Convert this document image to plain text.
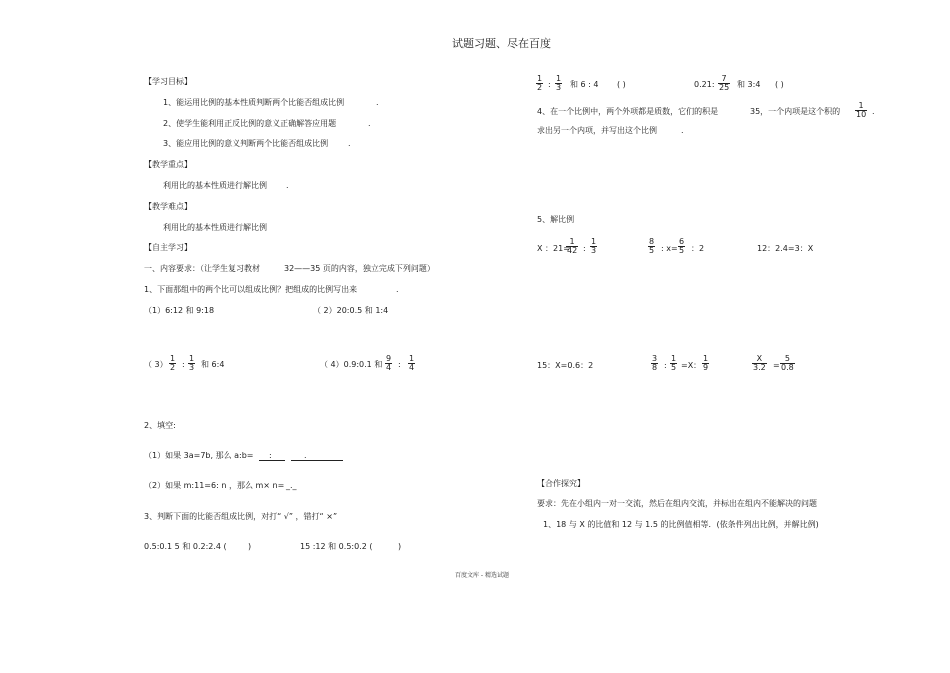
试题习题、尽在百度
【学习目标】
1、能运用比例的基本性质判断两个比能否组成比例	.
2、使学生能利用正反比例的意义正确解答应用题	.
3、能应用比例的意义判断两个比能否组成比例 .
【教学重点】
利用比的基本性质进行解比例 .
【教学难点】
利用比的基本性质进行解比例
【自主学习】
一、内容要求：（让学生复习教材	32——35 页的内容，独立完成下列问题）
1、下面那组中的两个比可以组成比例？把组成的比例写出来	.
（1）6:12 和 9:18	（ 2）20:0.5 和 1:4
（ $3) \frac{1}{2}$ : $\frac{1}{3}$ 和 6:4	（ 4）0.9:0.1 和 $\frac{9}{4}$ : $\frac{1}{4}$
2、填空:
（1）如果 3a=7b, 那么 a:b= :	.
（2）如果 m:11=6: n ，那么 m× n= _._
3、判断下面的比能否组成比例，对打“ √” ，错打“ ×”
0.5:0.1 5 和 0.2:2.4 (	)	15 :12 和 0.5:0.2 (	)
$\frac{1}{2}$ : $\frac{1}{3}$ 和 6 : 4 ( )	0.21: $\frac{7}{25}$ 和 3:4 ( )
4、在一个比例中，两个外项都是质数，它们的积是	35，一个内项是这个积的 $\frac{1}{10}$ .
求出另一个内项，并写出这个比例	.
5、解比例
X ：21=
$\frac{1}{42}$ : $\frac{1}{3}$	$\frac{8}{5}$ : $x= \frac{6}{5}$ ：2	12：2.4=3：X
15：X=0.6：2	$\frac{3}{8}$ : $\frac{1}{5} =X$： $\frac{1}{9}$	$\frac{X}{3.2} = \frac{5}{0.8}$
【合作探究】
要求：先在小组内一对一交流，然后在组内交流，并标出在组内不能解决的问题
1、18 与 X 的比值和 12 与 1.5 的比例值相等．(依条件列出比例，并解比例)
百度文库 - 精选试题
